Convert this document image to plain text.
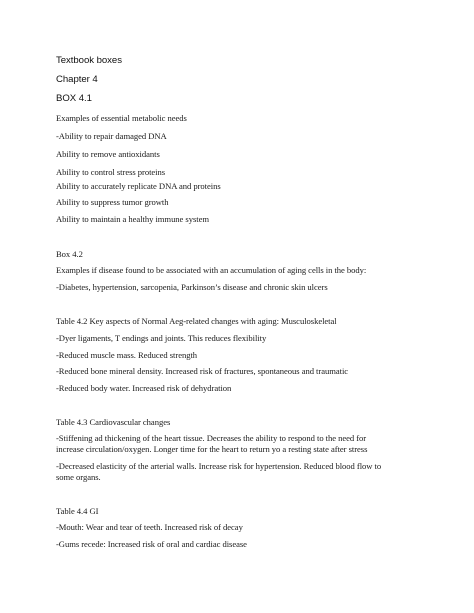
Textbook boxes
Chapter 4
BOX 4.1
Examples of essential metabolic needs
-Ability to repair damaged DNA
Ability to remove antioxidants
Ability to control stress proteins
Ability to accurately replicate DNA and proteins
Ability to suppress tumor growth
Ability to maintain a healthy immune system
Box 4.2
Examples if disease found to be associated with an accumulation of aging cells in the body:
-Diabetes, hypertension, sarcopenia, Parkinson’s disease and chronic skin ulcers
Table 4.2 Key aspects of Normal Aeg-related changes with aging: Musculoskeletal
-Dyer ligaments, T endings and joints. This reduces flexibility
-Reduced muscle mass. Reduced strength
-Reduced bone mineral density. Increased risk of fractures, spontaneous and traumatic
-Reduced body water. Increased risk of dehydration
Table 4.3 Cardiovascular changes
-Stiffening ad thickening of the heart tissue. Decreases the ability to respond to the need for
increase circulation/oxygen. Longer time for the heart to return yo a resting state after stress
-Decreased elasticity of the arterial walls. Increase risk for hypertension. Reduced blood flow to
some organs.
Table 4.4 GI
-Mouth: Wear and tear of teeth. Increased risk of decay
-Gums recede: Increased risk of oral and cardiac disease
